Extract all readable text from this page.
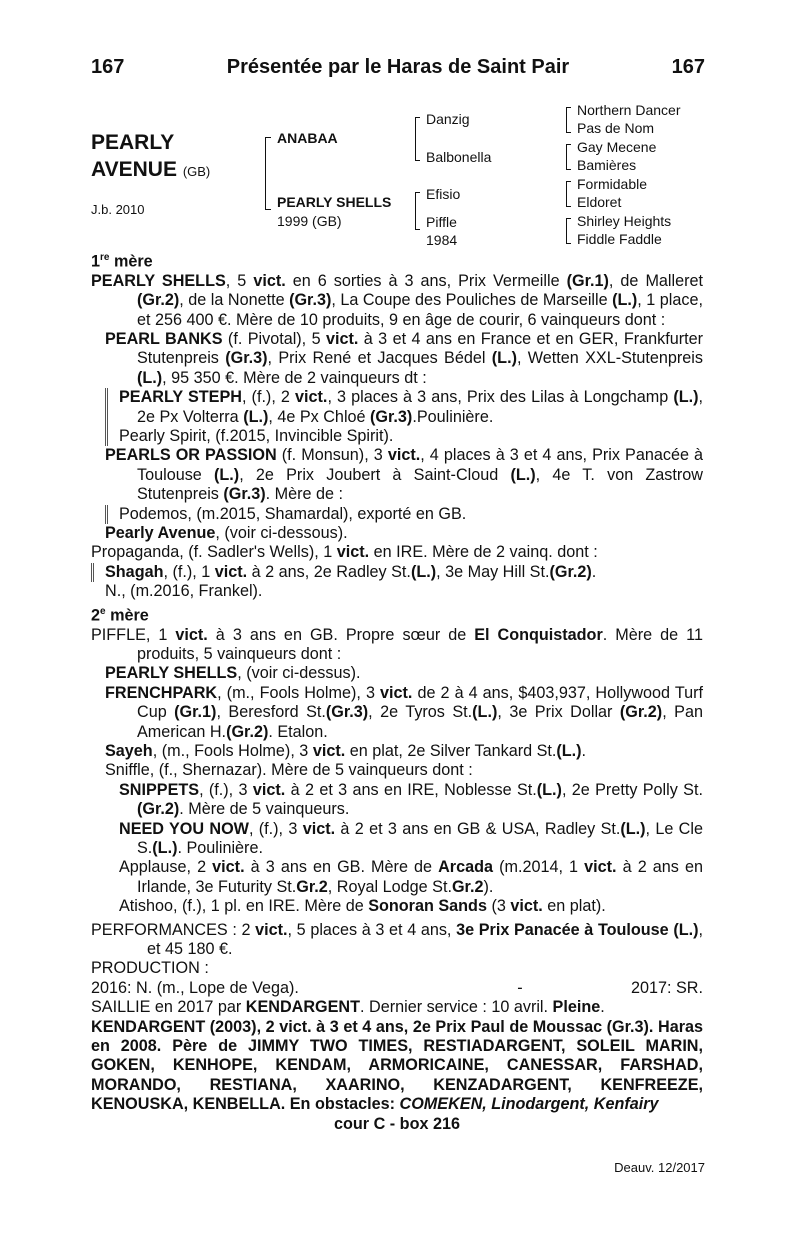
167	Présentée par le Haras de Saint Pair	167
PEARLY
AVENUE (GB)
J.b. 2010
ANABAA
PEARLY SHELLS
1999 (GB)
Danzig
Balbonella
Efisio
Piffle
1984
Northern Dancer
Pas de Nom
Gay Mecene
Bamières
Formidable
Eldoret
Shirley Heights
Fiddle Faddle

1re mère

PEARLY SHELLS, 5 vict. en 6 sorties à 3 ans, Prix Vermeille (Gr.1), de Malleret (Gr.2), de la Nonette (Gr.3), La Coupe des Pouliches de Marseille (L.), 1 place, et 256 400 €. Mère de 10 produits, 9 en âge de courir, 6 vainqueurs dont :

PEARL BANKS (f. Pivotal), 5 vict. à 3 et 4 ans en France et en GER, Frankfurter Stutenpreis (Gr.3), Prix René et Jacques Bédel (L.), Wetten XXL-Stutenpreis (L.), 95 350 €. Mère de 2 vainqueurs dt :

PEARLY STEPH, (f.), 2 vict., 3 places à 3 ans, Prix des Lilas à Longchamp (L.), 2e Px Volterra (L.), 4e Px Chloé (Gr.3).Poulinière.

Pearly Spirit, (f.2015, Invincible Spirit).

PEARLS OR PASSION (f. Monsun), 3 vict., 4 places à 3 et 4 ans, Prix Panacée à Toulouse (L.), 2e Prix Joubert à Saint-Cloud (L.), 4e T. von Zastrow Stutenpreis (Gr.3). Mère de :

Podemos, (m.2015, Shamardal), exporté en GB.

Pearly Avenue, (voir ci-dessous).

Propaganda, (f. Sadler's Wells), 1 vict. en IRE. Mère de 2 vainq. dont :

Shagah, (f.), 1 vict. à 2 ans, 2e Radley St.(L.), 3e May Hill St.(Gr.2).

N., (m.2016, Frankel).

2e mère

PIFFLE, 1 vict. à 3 ans en GB. Propre sœur de El Conquistador. Mère de 11 produits, 5 vainqueurs dont :

PEARLY SHELLS, (voir ci-dessus).

FRENCHPARK, (m., Fools Holme), 3 vict. de 2 à 4 ans, $403,937, Hollywood Turf Cup (Gr.1), Beresford St.(Gr.3), 2e Tyros St.(L.), 3e Prix Dollar (Gr.2), Pan American H.(Gr.2). Etalon.

Sayeh, (m., Fools Holme), 3 vict. en plat, 2e Silver Tankard St.(L.).

Sniffle, (f., Shernazar). Mère de 5 vainqueurs dont :

SNIPPETS, (f.), 3 vict. à 2 et 3 ans en IRE, Noblesse St.(L.), 2e Pretty Polly St.(Gr.2). Mère de 5 vainqueurs.

NEED YOU NOW, (f.), 3 vict. à 2 et 3 ans en GB & USA, Radley St.(L.), Le Cle S.(L.). Poulinière.

Applause, 2 vict. à 3 ans en GB. Mère de Arcada (m.2014, 1 vict. à 2 ans en Irlande, 3e Futurity St.Gr.2, Royal Lodge St.Gr.2).

Atishoo, (f.), 1 pl. en IRE. Mère de Sonoran Sands (3 vict. en plat).

PERFORMANCES : 2 vict., 5 places à 3 et 4 ans, 3e Prix Panacée à Toulouse (L.), et 45 180 €.

PRODUCTION :

2016: N. (m., Lope de Vega).	-	2017: SR.

SAILLIE en 2017 par KENDARGENT. Dernier service : 10 avril. Pleine.

KENDARGENT (2003), 2 vict. à 3 et 4 ans, 2e Prix Paul de Moussac (Gr.3). Haras en 2008. Père de JIMMY TWO TIMES, RESTIADARGENT, SOLEIL MARIN, GOKEN, KENHOPE, KENDAM, ARMORICAINE, CANESSAR, FARSHAD, MORANDO, RESTIANA, XAARINO, KENZADARGENT, KENFREEZE, KENOUSKA, KENBELLA. En obstacles: COMEKEN, Linodargent, Kenfairy

cour C - box 216

Deauv. 12/2017
